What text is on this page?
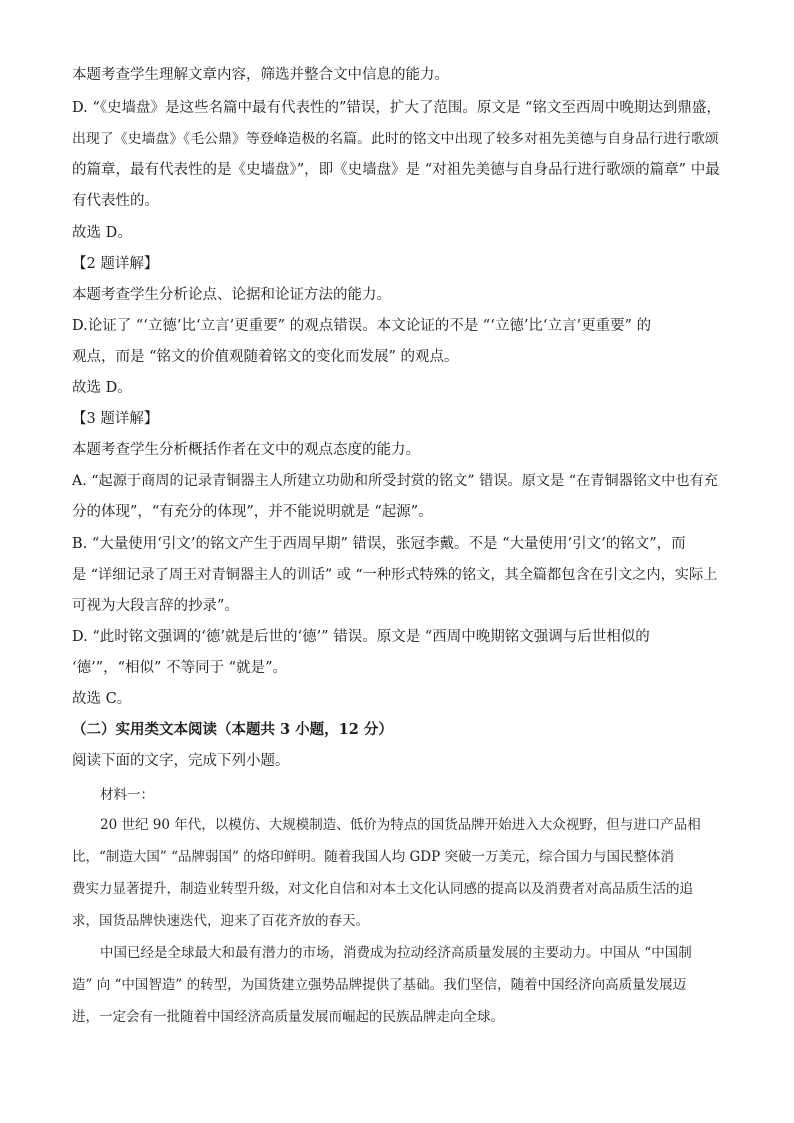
本题考查学生理解文章内容，筛选并整合文中信息的能力。
D. “《史墙盘》是这些名篇中最有代表性的”错误，扩大了范围。原文是 “铭文至西周中晚期达到鼎盛，
出现了《史墙盘》《毛公鼎》等登峰造极的名篇。此时的铭文中出现了较多对祖先美德与自身品行进行歌颂
的篇章，最有代表性的是《史墙盘》”，即《史墙盘》是 “对祖先美德与自身品行进行歌颂的篇章” 中最
有代表性的。
故选 D。
【2 题详解】
本题考查学生分析论点、论据和论证方法的能力。
D.论证了 “‘立德’比‘立言’更重要” 的观点错误。本文论证的不是 “‘立德’比‘立言’更重要” 的
观点，而是 “铭文的价值观随着铭文的变化而发展” 的观点。
故选 D。
【3 题详解】
本题考查学生分析概括作者在文中的观点态度的能力。
A. “起源于商周的记录青铜器主人所建立功勋和所受封赏的铭文” 错误。原文是 “在青铜器铭文中也有充
分的体现”，“有充分的体现”，并不能说明就是 “起源”。
B. “大量使用‘引文’的铭文产生于西周早期” 错误，张冠李戴。不是 “大量使用‘引文’的铭文”，而
是 “详细记录了周王对青铜器主人的训话” 或 “一种形式特殊的铭文，其全篇都包含在引文之内，实际上
可视为大段言辞的抄录”。
D. “此时铭文强调的‘德’就是后世的‘德’” 错误。原文是 “西周中晚期铭文强调与后世相似的
‘德’”，“相似” 不等同于 “就是”。
故选 C。
（二）实用类文本阅读（本题共 3 小题，12 分）
阅读下面的文字，完成下列小题。
材料一：
20 世纪 90 年代，以模仿、大规模制造、低价为特点的国货品牌开始进入大众视野，但与进口产品相
比，“制造大国” “品牌弱国” 的烙印鲜明。随着我国人均 GDP 突破一万美元，综合国力与国民整体消
费实力显著提升，制造业转型升级，对文化自信和对本土文化认同感的提高以及消费者对高品质生活的追
求，国货品牌快速迭代，迎来了百花齐放的春天。
中国已经是全球最大和最有潜力的市场，消费成为拉动经济高质量发展的主要动力。中国从 “中国制
造” 向 “中国智造” 的转型，为国货建立强势品牌提供了基础。我们坚信，随着中国经济向高质量发展迈
进，一定会有一批随着中国经济高质量发展而崛起的民族品牌走向全球。
